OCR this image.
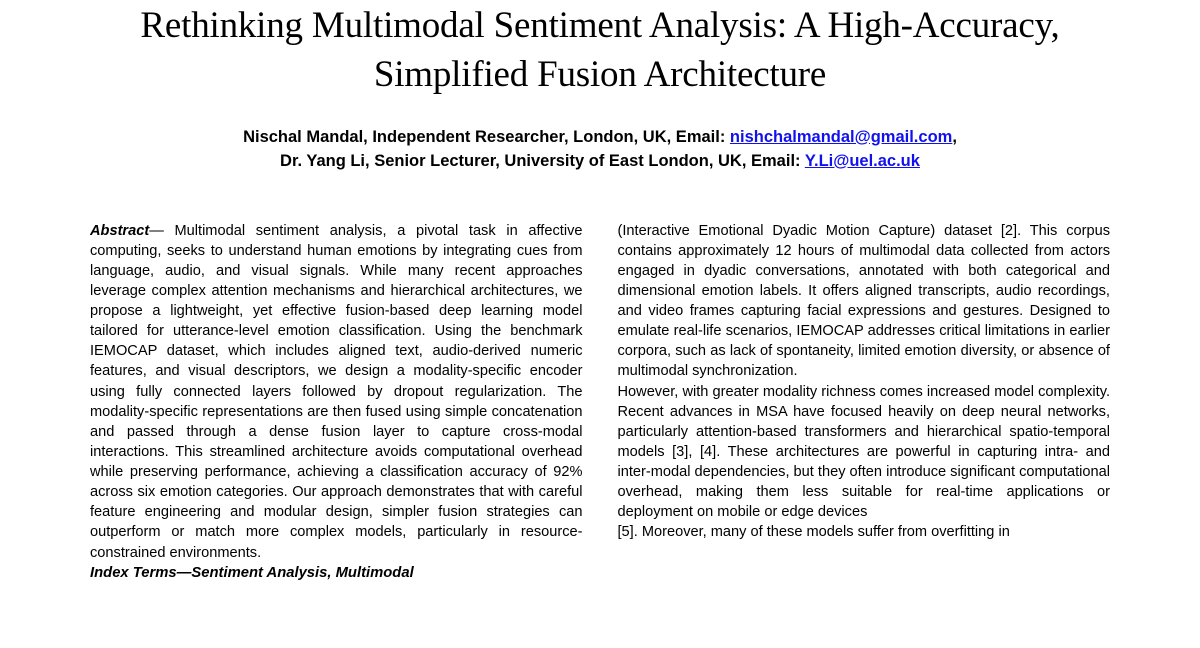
Rethinking Multimodal Sentiment Analysis: A High-Accuracy, Simplified Fusion Architecture
Nischal Mandal, Independent Researcher, London, UK, Email: nishchalmandal@gmail.com,
Dr. Yang Li, Senior Lecturer, University of East London, UK, Email: Y.Li@uel.ac.uk

Abstract— Multimodal sentiment analysis, a pivotal task in affective computing, seeks to understand human emotions by integrating cues from language, audio, and visual signals. While many recent approaches leverage complex attention mechanisms and hierarchical architectures, we propose a lightweight, yet effective fusion-based deep learning model tailored for utterance-level emotion classification. Using the benchmark IEMOCAP dataset, which includes aligned text, audio-derived numeric features, and visual descriptors, we design a modality-specific encoder using fully connected layers followed by dropout regularization. The modality-specific representations are then fused using simple concatenation and passed through a dense fusion layer to capture cross-modal interactions. This streamlined architecture avoids computational overhead while preserving performance, achieving a classification accuracy of 92% across six emotion categories. Our approach demonstrates that with careful feature engineering and modular design, simpler fusion strategies can outperform or match more complex models, particularly in resource-constrained environments.

Index Terms—Sentiment Analysis, Multimodal

(Interactive Emotional Dyadic Motion Capture) dataset [2]. This corpus contains approximately 12 hours of multimodal data collected from actors engaged in dyadic conversations, annotated with both categorical and dimensional emotion labels. It offers aligned transcripts, audio recordings, and video frames capturing facial expressions and gestures. Designed to emulate real-life scenarios, IEMOCAP addresses critical limitations in earlier corpora, such as lack of spontaneity, limited emotion diversity, or absence of multimodal synchronization.

However, with greater modality richness comes increased model complexity. Recent advances in MSA have focused heavily on deep neural networks, particularly attention-based transformers and hierarchical spatio-temporal models [3], [4]. These architectures are powerful in capturing intra- and inter-modal dependencies, but they often introduce significant computational overhead, making them less suitable for real-time applications or deployment on mobile or edge devices

[5]. Moreover, many of these models suffer from overfitting in
